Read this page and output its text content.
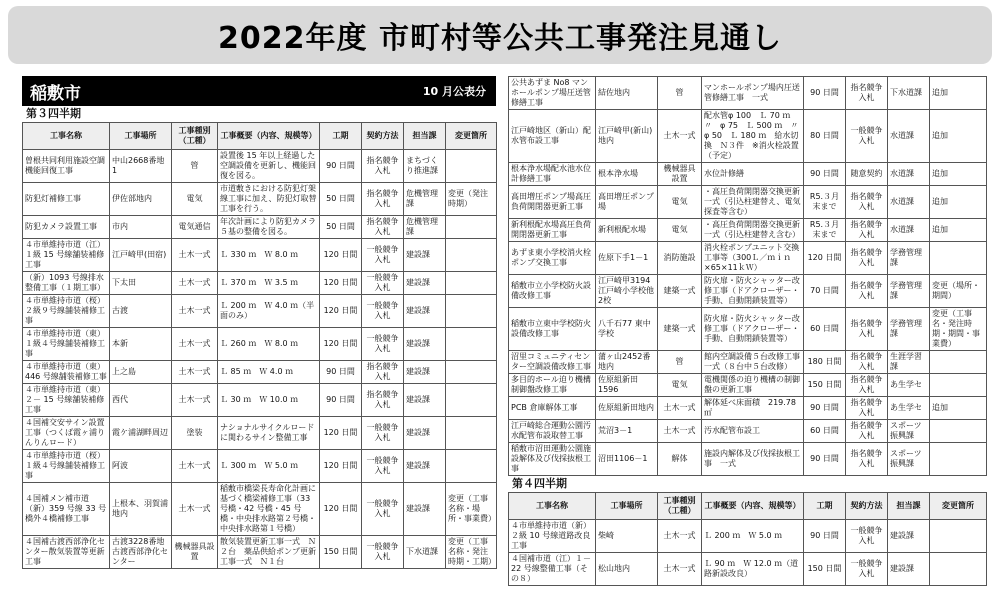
2022年度 市町村等公共工事発注見通し
稲敷市	10 月公表分
第３四半期
工事名称	工事場所	工事種別（工種）	工事概要（内容、規模等）	工期	契約方法	担当課	変更箇所
曽根共同利用施設空調機能回復工事	中山2668番地1	管	設置後 15 年以上経過した空調設備を更新し、機能回復を図る。	90 日間	指名競争入札	まちづくり推進課	
防犯灯補修工事	伊佐部地内	電気	市道敷きにおける防犯灯架線工事に加え、防犯灯取替工事を行う。	50 日間	指名競争入札	危機管理課	変更（発注時期）
防犯カメラ設置工事	市内	電気通信	年次計画により防犯カメラ５基の整備を図る。	50 日間	指名競争入札	危機管理課	
４市単維持市道（江）１級 15 号線舗装補修工事	江戸崎甲(田宿)	土木一式	Ｌ 330 ｍ　Ｗ 8.0 ｍ	120 日間	一般競争入札	建設課	
（新）1093 号線排水整備工事（１期工事）	下太田	土木一式	Ｌ 370 ｍ　Ｗ 3.5 ｍ	120 日間	一般競争入札	建設課	
４市単維持市道（桜）２級９号線舗装補修工事	古渡	土木一式	Ｌ 200 ｍ　Ｗ 4.0 ｍ（半面のみ）	120 日間	一般競争入札	建設課	
４市単維持市道（東）１級４号線舗装補修工事	本新	土木一式	Ｌ 260 ｍ　Ｗ 8.0 ｍ	120 日間	一般競争入札	建設課	
４市単維持市道（東）446 号線舗装補修工事	上之島	土木一式	Ｌ 85 ｍ　Ｗ 4.0 ｍ	90 日間	指名競争入札	建設課	
４市単維持市道（東）２－ 15 号線舗装補修工事	西代	土木一式	Ｌ 30 ｍ　Ｗ 10.0 ｍ	90 日間	指名競争入札	建設課	
４国補交安サイン設置工事（つくば霞ヶ浦りんりんロード）	霞ケ浦湖畔周辺	塗装	ナショナルサイクルロードに関わるサイン整備工事	120 日間	一般競争入札	建設課	
４市単維持市道（桜）１級４号線舗装補修工事	阿波	土木一式	Ｌ 300 ｍ　Ｗ 5.0 ｍ	120 日間	一般競争入札	建設課	
４国補メン補市道（新）359 号線 33 号橋外４橋補修工事	上根本、羽賀浦地内	土木一式	稲敷市橋梁長寿命化計画に基づく橋梁補修工事（33 号橋・42 号橋・45 号橋・中央排水路第２号橋・中央排水路第１号橋）	120 日間	一般競争入札	建設課	変更（工事名称・場所・事業費）
４国補古渡西部浄化センター散気装置等更新工事	古渡3228番地古渡西部浄化センター	機械器具設置	散気装置更新工事一式　Ｎ２台　薬品供給ポンプ更新工事一式　Ｎ１台	150 日間	一般競争入札	下水道課	変更（工事名称・発注時期・工期）
公共あずま No8 マンホールポンプ場圧送管修繕工事	結佐地内	管	マンホールポンプ場内圧送管修繕工事　一式	90 日間	指名競争入札	下水道課	追加
江戸崎地区（新山）配水管布設工事	江戸崎甲(新山)地内	土木一式	配水管φ 100　Ｌ 70 ｍ　〃　φ 75　Ｌ 500 ｍ　〃　φ 50　Ｌ 180 ｍ　給水切換　Ｎ３件　※消火栓設置（予定）	80 日間	一般競争入札	水道課	追加
根本浄水場配水池水位計修繕工事	根本浄水場	機械器具設置	水位計修繕	90 日間	随意契約	水道課	追加
高田増圧ポンプ場高圧負荷開閉器更新工事	高田増圧ポンプ場	電気	・高圧負荷開閉器交換更新一式（引込柱建替え、電気探査等含む）	R5.３月末まで	指名競争入札	水道課	追加
新利根配水場高圧負荷開閉器更新工事	新利根配水場	電気	・高圧負荷開閉器交換更新一式（引込柱建替え含む）	R5.３月末まで	指名競争入札	水道課	追加
あずま東小学校消火栓ポンプ交換工事	佐原下手1－1	消防施設	消火栓ポンプユニット交換工事等（300Ｌ／ｍｉｎ×65×11ｋＷ）	120 日間	指名競争入札	学務管理課	
稲敷市立小学校防火設備改修工事	江戸崎甲3194 江戸崎小学校他2校	建築一式	防火扉・防火シャッター改修工事（ドアクローザー・手動、自動閉鎖装置等）	70 日間	指名競争入札	学務管理課	変更（場所・期間）
稲敷市立東中学校防火設備改修工事	八千石77 東中学校	建築一式	防火扉・防火シャッター改修工事（ドアクローザー・手動、自動閉鎖装置等）	60 日間	指名競争入札	学務管理課	変更（工事名・発注時期・期間・事業費）
沼里コミュニティセンター空調設備改修工事	蒲ヶ山2452番地内	管	館内空調設備５台改修工事　一式（８台中５台改修）	180 日間	指名競争入札	生涯学習課	
多目的ホール迫り機構制御盤改修工事	佐原組新田1596	電気	電機関係の迫り機構の制御盤の更新工事	150 日間	指名競争入札	あ生学セ	
PCB 倉庫解体工事	佐原組新田地内	土木一式	解体延べ床面積　219.78 ㎡	90 日間	指名競争入札	あ生学セ	追加
江戸崎総合運動公園汚水配管布設取替工事	荒沼3－1	土木一式	汚水配管布設工	60 日間	指名競争入札	スポーツ振興課	
稲敷市沼田運動公園施設解体及び伐採抜根工事	沼田1106－1	解体	施設内解体及び伐採抜根工事　一式	90 日間	指名競争入札	スポーツ振興課	
第４四半期
工事名称	工事場所	工事種別（工種）	工事概要（内容、規模等）	工期	契約方法	担当課	変更箇所
４市単維持市道（新）２級 10 号線道路改良工事	柴崎	土木一式	Ｌ 200 ｍ　Ｗ 5.0 ｍ	90 日間	一般競争入札	建設課	
４国補市道（江）１－ 22 号線整備工事（その８）	松山地内	土木一式	Ｌ 90 ｍ　Ｗ 12.0 ｍ（道路新設改良）	150 日間	一般競争入札	建設課	
